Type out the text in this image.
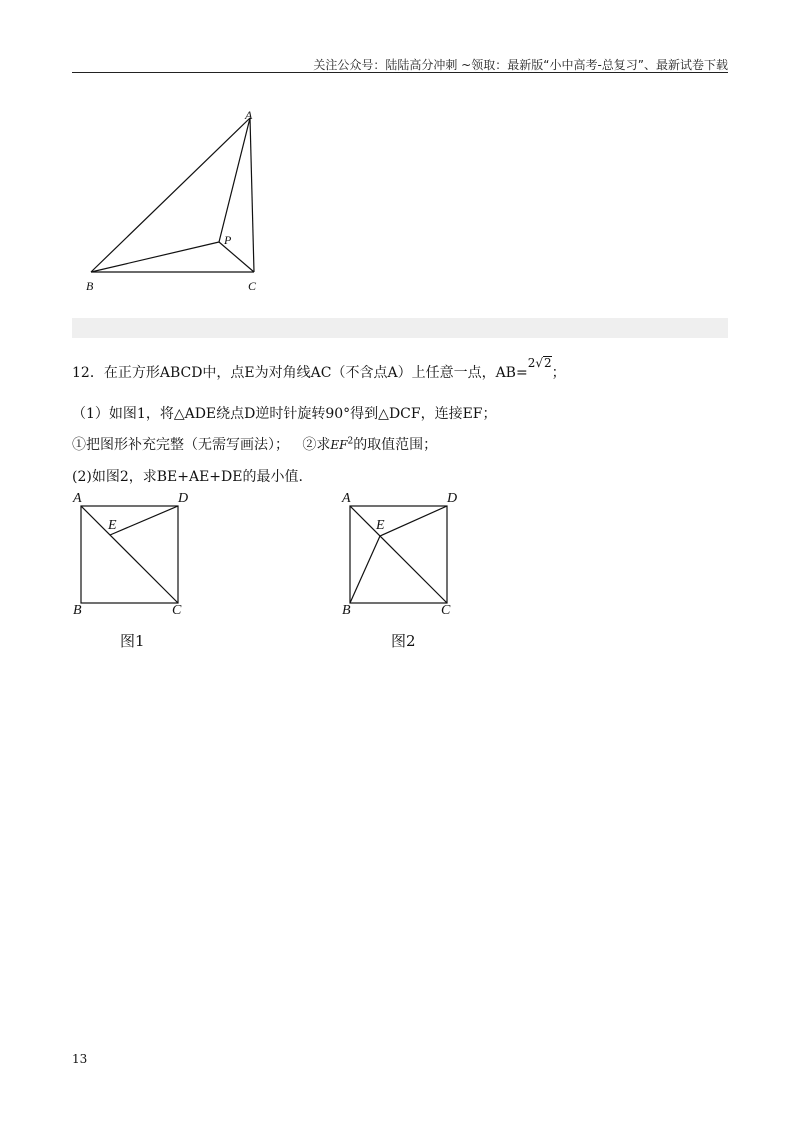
关注公众号：陆陆高分冲刺 ~领取：最新版“小中高考-总复习”、最新试卷下载
A
P
B	C
12．在正方形ABCD中，点E为对角线AC（不含点A）上任意一点，AB=2√2；
（1）如图1，将△ADE绕点D逆时针旋转90°得到△DCF，连接EF；
①把图形补充完整（无需写画法）； ②求$EF^2$的取值范围；
(2)如图2，求BE+AE+DE的最小值.
A	D
E
B	C
图1
A	D
E
B	C
图2
13
